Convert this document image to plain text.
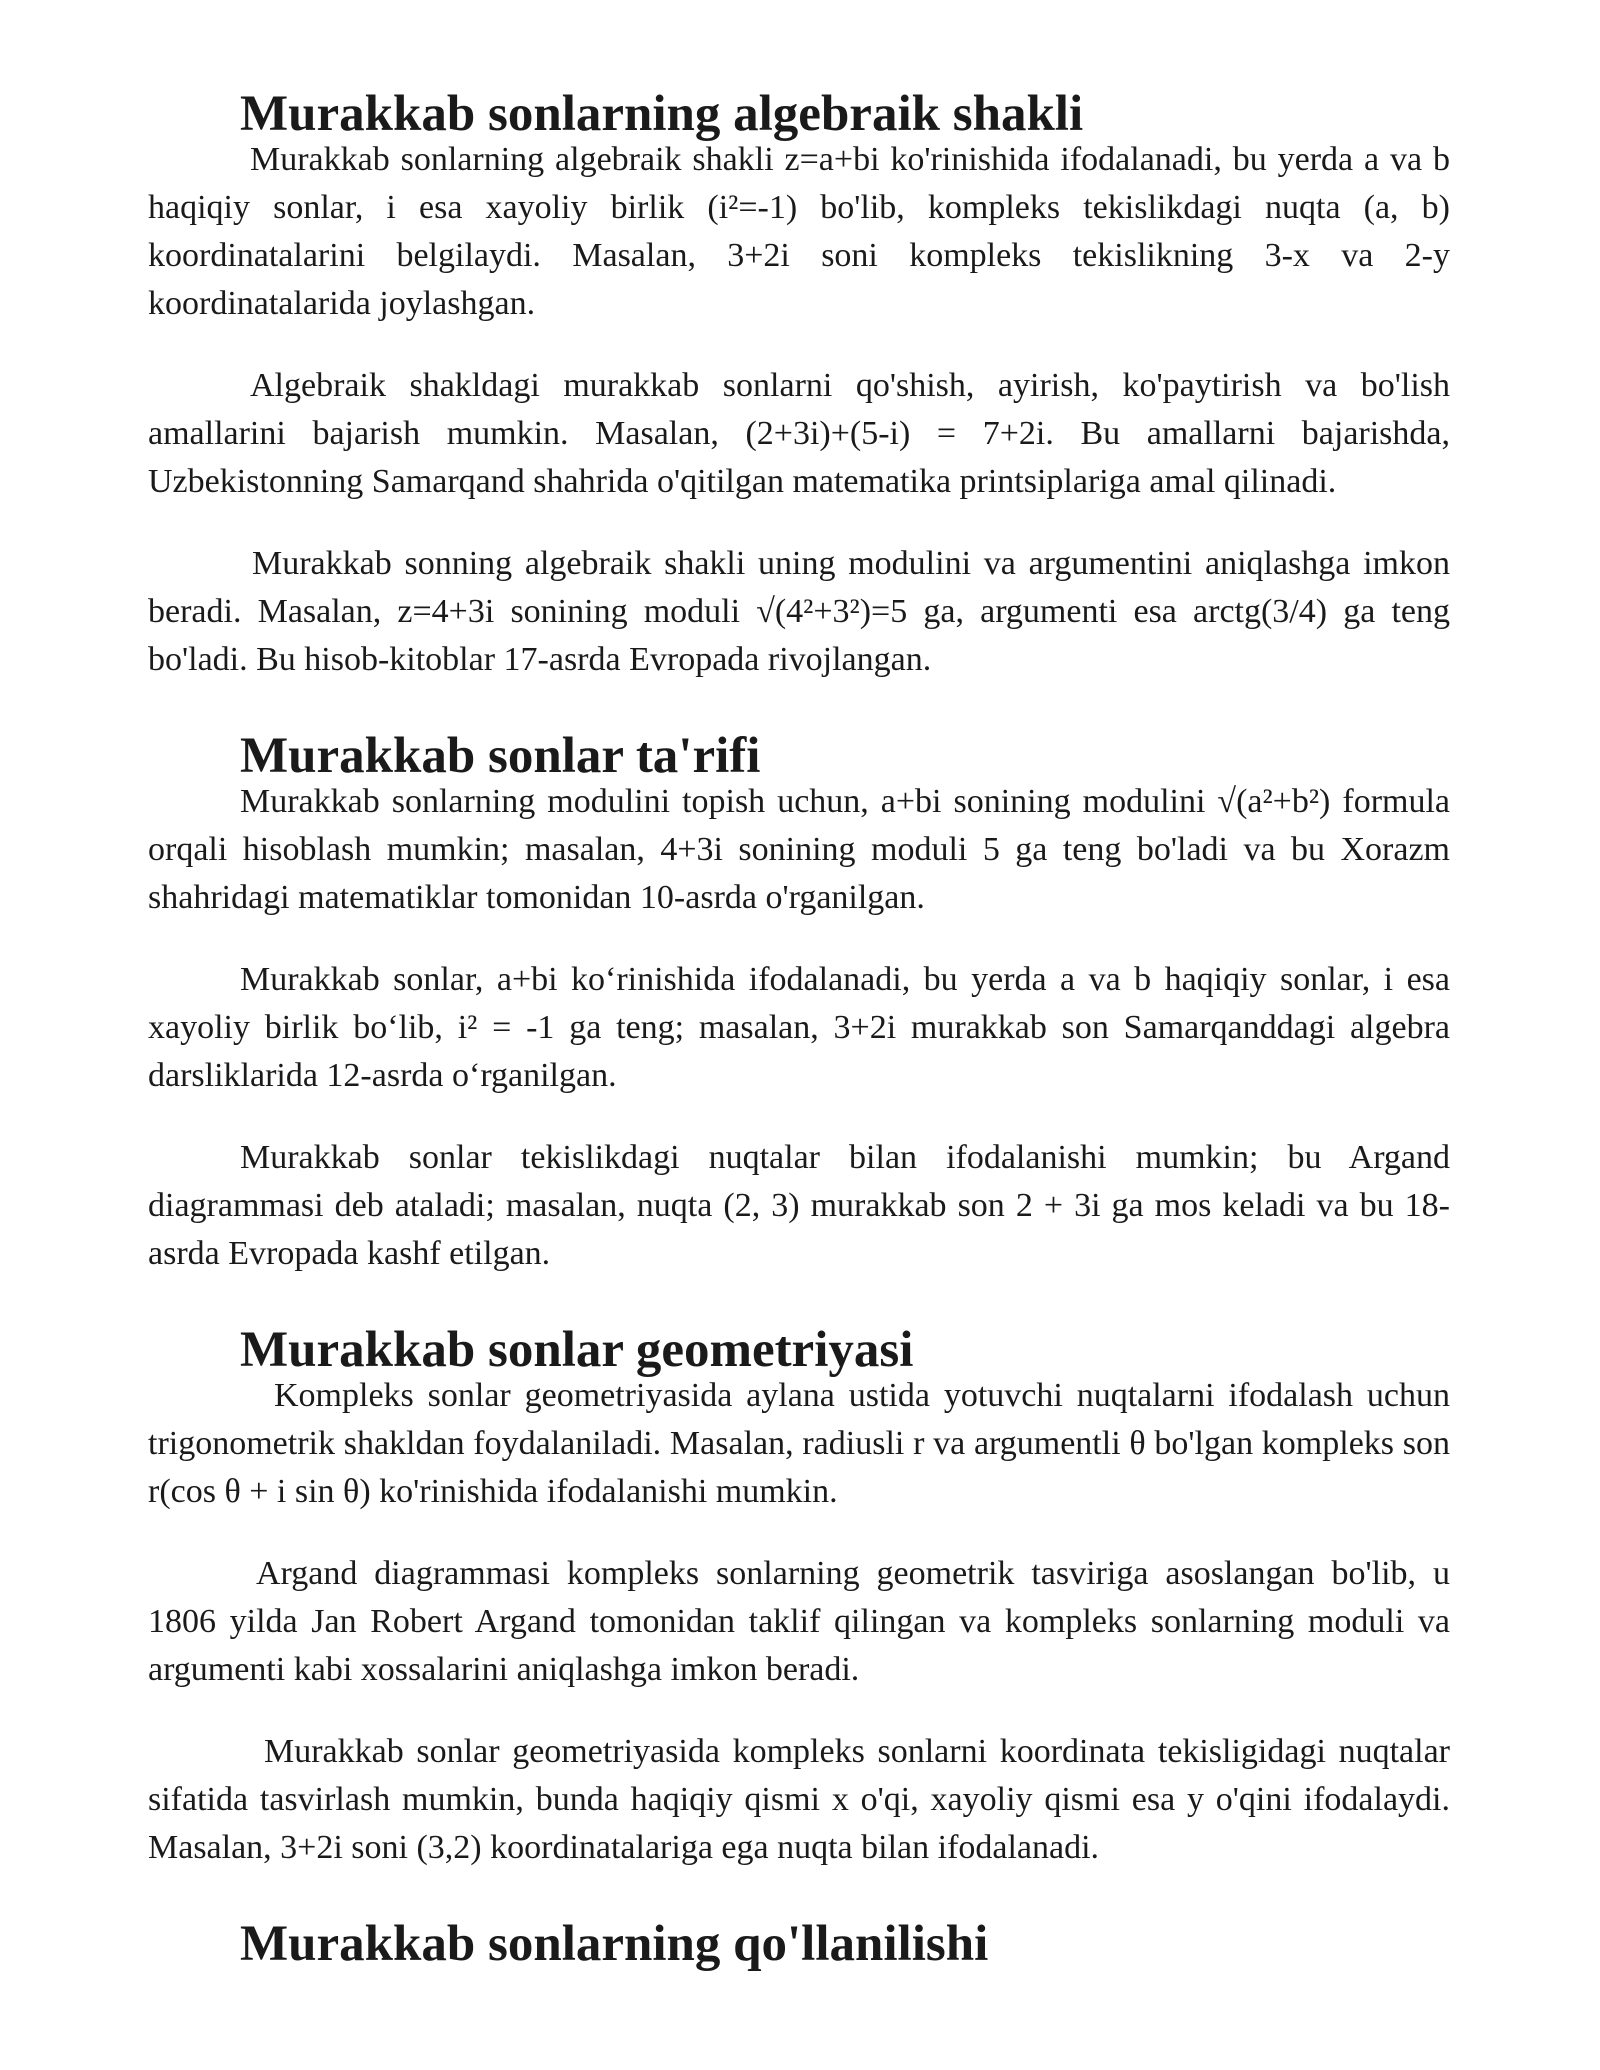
Murakkab sonlarning algebraik shakli

Murakkab sonlarning algebraik shakli z=a+bi ko'rinishida ifodalanadi, bu yerda a va b haqiqiy sonlar, i esa xayoliy birlik (i²=-1) bo'lib, kompleks tekislikdagi nuqta (a, b) koordinatalarini belgilaydi. Masalan, 3+2i soni kompleks tekislikning 3-x va 2-y koordinatalarida joylashgan.

Algebraik shakldagi murakkab sonlarni qo'shish, ayirish, ko'paytirish va bo'lish amallarini bajarish mumkin. Masalan, (2+3i)+(5-i) = 7+2i. Bu amallarni bajarishda, Uzbekistonning Samarqand shahrida o'qitilgan matematika printsiplariga amal qilinadi.

Murakkab sonning algebraik shakli uning modulini va argumentini aniqlashga imkon beradi. Masalan, z=4+3i sonining moduli √(4²+3²)=5 ga, argumenti esa arctg(3/4) ga teng bo'ladi. Bu hisob-kitoblar 17-asrda Evropada rivojlangan.

Murakkab sonlar ta'rifi

Murakkab sonlarning modulini topish uchun, a+bi sonining modulini √(a²+b²) formula orqali hisoblash mumkin; masalan, 4+3i sonining moduli 5 ga teng bo'ladi va bu Xorazm shahridagi matematiklar tomonidan 10-asrda o'rganilgan.

Murakkab sonlar, a+bi ko‘rinishida ifodalanadi, bu yerda a va b haqiqiy sonlar, i esa xayoliy birlik bo‘lib, i² = -1 ga teng; masalan, 3+2i murakkab son Samarqanddagi algebra darsliklarida 12-asrda o‘rganilgan.

Murakkab sonlar tekislikdagi nuqtalar bilan ifodalanishi mumkin; bu Argand diagrammasi deb ataladi; masalan, nuqta (2, 3) murakkab son 2 + 3i ga mos keladi va bu 18-asrda Evropada kashf etilgan.

Murakkab sonlar geometriyasi

Kompleks sonlar geometriyasida aylana ustida yotuvchi nuqtalarni ifodalash uchun trigonometrik shakldan foydalaniladi. Masalan, radiusli r va argumentli θ bo'lgan kompleks son r(cos θ + i sin θ) ko'rinishida ifodalanishi mumkin.

Argand diagrammasi kompleks sonlarning geometrik tasviriga asoslangan bo'lib, u 1806 yilda Jan Robert Argand tomonidan taklif qilingan va kompleks sonlarning moduli va argumenti kabi xossalarini aniqlashga imkon beradi.

Murakkab sonlar geometriyasida kompleks sonlarni koordinata tekisligidagi nuqtalar sifatida tasvirlash mumkin, bunda haqiqiy qismi x o'qi, xayoliy qismi esa y o'qini ifodalaydi. Masalan, 3+2i soni (3,2) koordinatalariga ega nuqta bilan ifodalanadi.

Murakkab sonlarning qo'llanilishi
